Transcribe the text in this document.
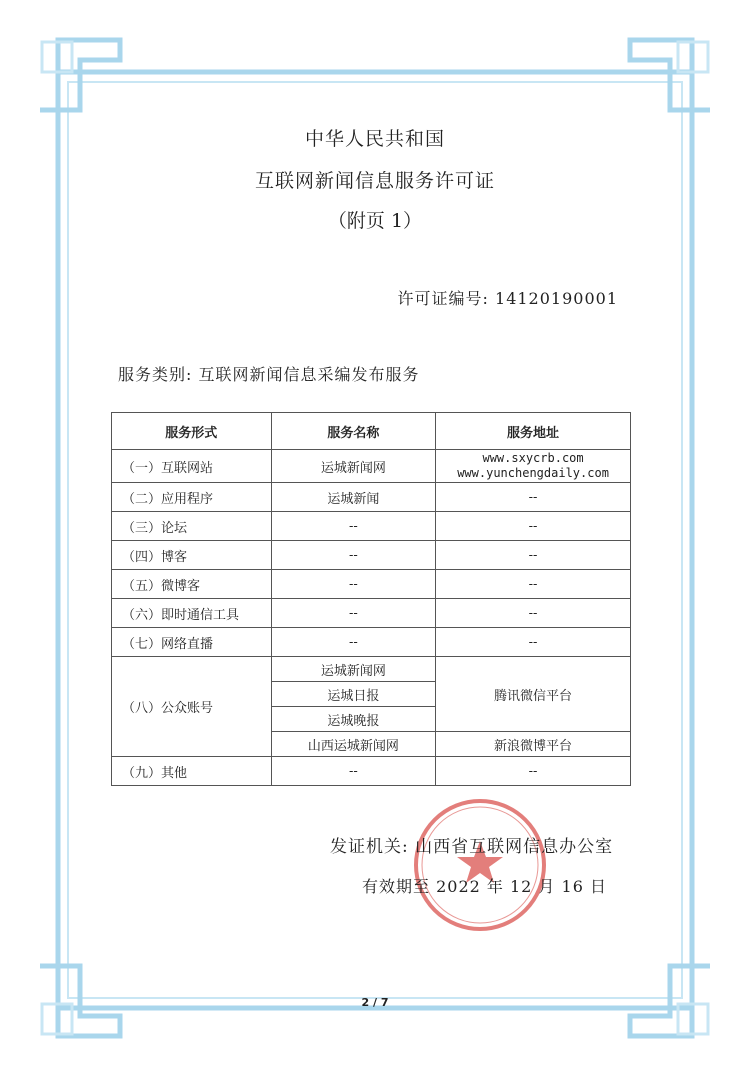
中华人民共和国
互联网新闻信息服务许可证
（附页 1）
许可证编号: 14120190001
服务类别: 互联网新闻信息采编发布服务
服务形式	服务名称	服务地址
（一）互联网站	运城新闻网	www.sxycrb.com
www.yunchengdaily.com

（二）应用程序	运城新闻	--
（三）论坛	--	--
（四）博客	--	--
（五）微博客	--	--
（六）即时通信工具	--	--
（七）网络直播	--	--
（八）公众账号	运城新闻网	腾讯微信平台
	运城日报	
	运城晚报	
	山西运城新闻网	新浪微博平台
（九）其他	--	--
发证机关: 山西省互联网信息办公室
有效期至 2022 年 12 月 16 日
2 / 7
